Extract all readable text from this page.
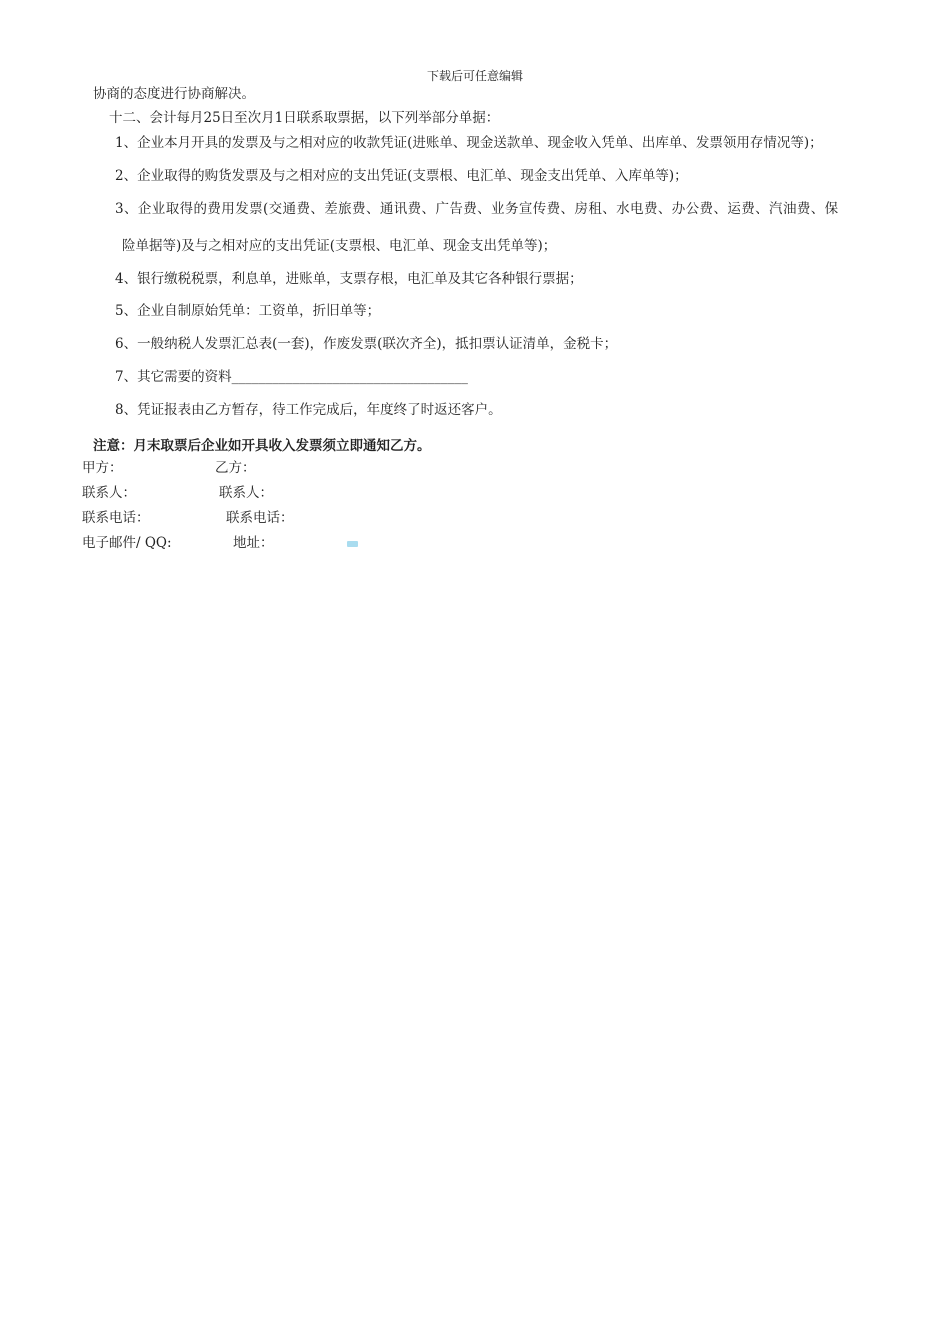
下载后可任意编辑
协商的态度进行协商解决。
十二、会计每月25日至次月1日联系取票据，以下列举部分单据：
1、企业本月开具的发票及与之相对应的收款凭证(进账单、现金送款单、现金收入凭单、出库单、发票领用存情况等)；
2、企业取得的购货发票及与之相对应的支出凭证(支票根、电汇单、现金支出凭单、入库单等)；
3、企业取得的费用发票(交通费、差旅费、通讯费、广告费、业务宣传费、房租、水电费、办公费、运费、汽油费、保
险单据等)及与之相对应的支出凭证(支票根、电汇单、现金支出凭单等)；
4、银行缴税税票，利息单，进账单，支票存根，电汇单及其它各种银行票据；
5、企业自制原始凭单：工资单，折旧单等；
6、一般纳税人发票汇总表(一套)，作废发票(联次齐全)，抵扣票认证清单，金税卡；
7、其它需要的资料___________________________________
8、凭证报表由乙方暂存，待工作完成后，年度终了时返还客户。
注意：月末取票后企业如开具收入发票须立即通知乙方。
甲方：	乙方：
联系人：	联系人：
联系电话：	联系电话：
电子邮件/ QQ:	地址：
